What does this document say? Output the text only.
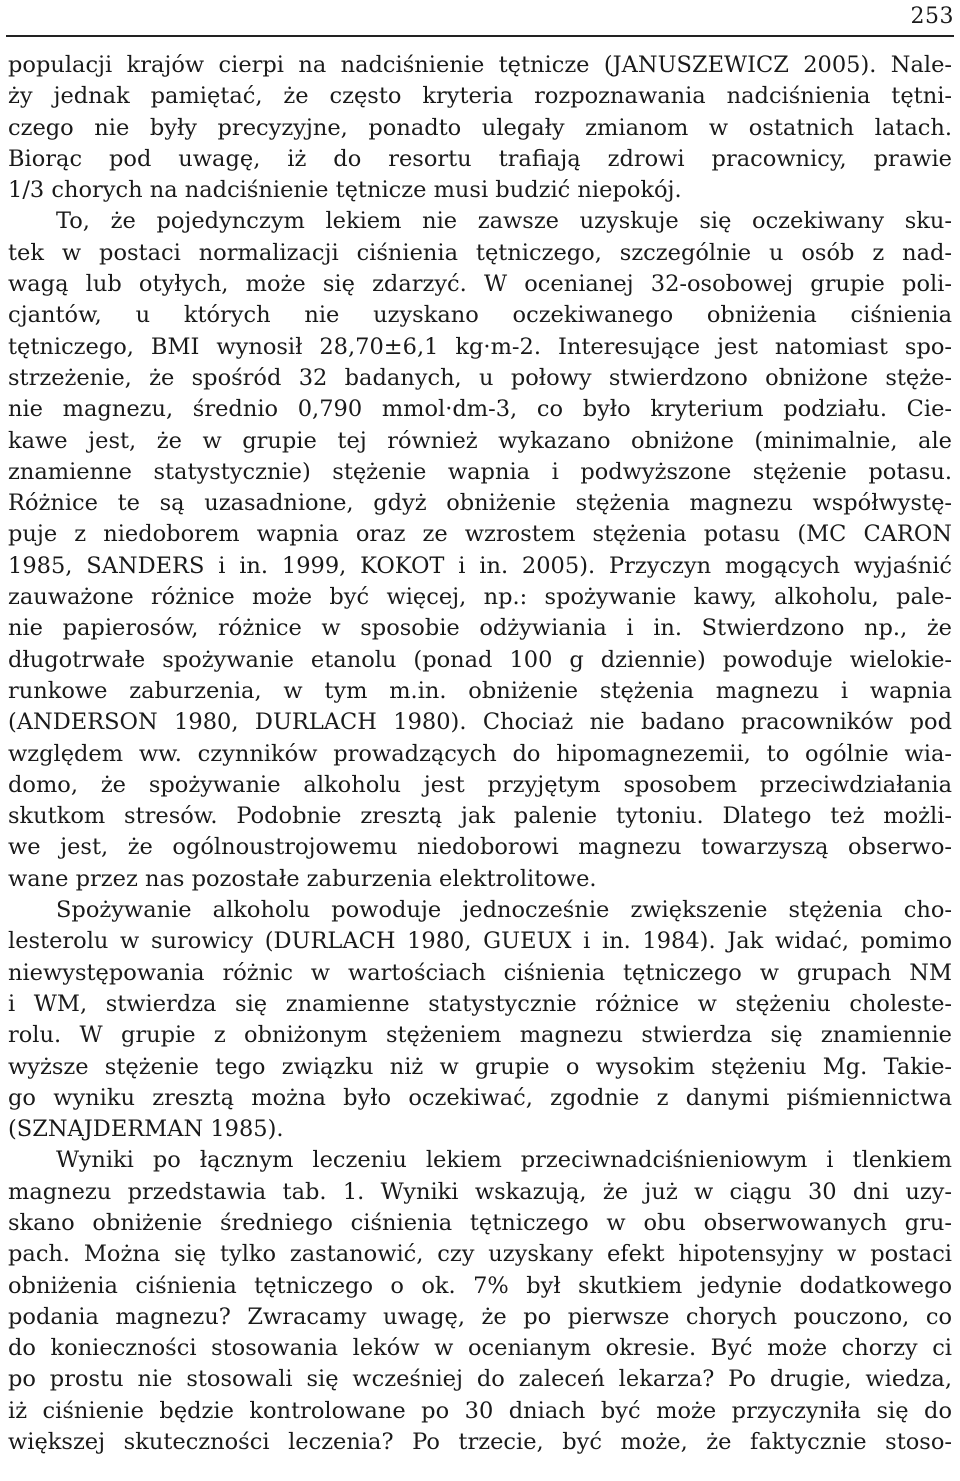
253
populacji krajów cierpi na nadciśnienie tętnicze (JANUSZEWICZ 2005). Nale-
ży jednak pamiętać, że często kryteria rozpoznawania nadciśnienia tętni-
czego nie były precyzyjne, ponadto ulegały zmianom w ostatnich latach.
Biorąc pod uwagę, iż do resortu trafiają zdrowi pracownicy, prawie
1/3 chorych na nadciśnienie tętnicze musi budzić niepokój.
To, że pojedynczym lekiem nie zawsze uzyskuje się oczekiwany sku-
tek w postaci normalizacji ciśnienia tętniczego, szczególnie u osób z nad-
wagą lub otyłych, może się zdarzyć. W ocenianej 32-osobowej grupie poli-
cjantów, u których nie uzyskano oczekiwanego obniżenia ciśnienia
tętniczego, BMI wynosił 28,70±6,1 kg·m-2. Interesujące jest natomiast spo-
strzeżenie, że spośród 32 badanych, u połowy stwierdzono obniżone stęże-
nie magnezu, średnio 0,790 mmol·dm-3, co było kryterium podziału. Cie-
kawe jest, że w grupie tej również wykazano obniżone (minimalnie, ale
znamienne statystycznie) stężenie wapnia i podwyższone stężenie potasu.
Różnice te są uzasadnione, gdyż obniżenie stężenia magnezu współwystę-
puje z niedoborem wapnia oraz ze wzrostem stężenia potasu (MC CARON
1985, SANDERS i in. 1999, KOKOT i in. 2005). Przyczyn mogących wyjaśnić
zauważone różnice może być więcej, np.: spożywanie kawy, alkoholu, pale-
nie papierosów, różnice w sposobie odżywiania i in. Stwierdzono np., że
długotrwałe spożywanie etanolu (ponad 100 g dziennie) powoduje wielokie-
runkowe zaburzenia, w tym m.in. obniżenie stężenia magnezu i wapnia
(ANDERSON 1980, DURLACH 1980). Chociaż nie badano pracowników pod
względem ww. czynników prowadzących do hipomagnezemii, to ogólnie wia-
domo, że spożywanie alkoholu jest przyjętym sposobem przeciwdziałania
skutkom stresów. Podobnie zresztą jak palenie tytoniu. Dlatego też możli-
we jest, że ogólnoustrojowemu niedoborowi magnezu towarzyszą obserwo-
wane przez nas pozostałe zaburzenia elektrolitowe.
Spożywanie alkoholu powoduje jednocześnie zwiększenie stężenia cho-
lesterolu w surowicy (DURLACH 1980, GUEUX i in. 1984). Jak widać, pomimo
niewystępowania różnic w wartościach ciśnienia tętniczego w grupach NM
i WM, stwierdza się znamienne statystycznie różnice w stężeniu choleste-
rolu. W grupie z obniżonym stężeniem magnezu stwierdza się znamiennie
wyższe stężenie tego związku niż w grupie o wysokim stężeniu Mg. Takie-
go wyniku zresztą można było oczekiwać, zgodnie z danymi piśmiennictwa
(SZNAJDERMAN 1985).
Wyniki po łącznym leczeniu lekiem przeciwnadciśnieniowym i tlenkiem
magnezu przedstawia tab. 1. Wyniki wskazują, że już w ciągu 30 dni uzy-
skano obniżenie średniego ciśnienia tętniczego w obu obserwowanych gru-
pach. Można się tylko zastanowić, czy uzyskany efekt hipotensyjny w postaci
obniżenia ciśnienia tętniczego o ok. 7% był skutkiem jedynie dodatkowego
podania magnezu? Zwracamy uwagę, że po pierwsze chorych pouczono, co
do konieczności stosowania leków w ocenianym okresie. Być może chorzy ci
po prostu nie stosowali się wcześniej do zaleceń lekarza? Po drugie, wiedza,
iż ciśnienie będzie kontrolowane po 30 dniach być może przyczyniła się do
większej skuteczności leczenia? Po trzecie, być może, że faktycznie stoso-
